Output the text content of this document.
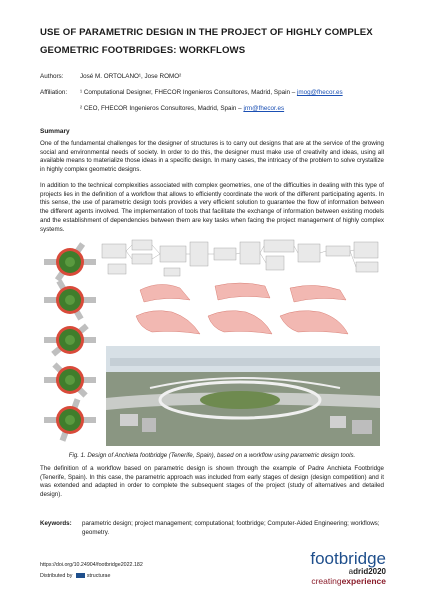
USE OF PARAMETRIC DESIGN IN THE PROJECT OF HIGHLY COMPLEX GEOMETRIC FOOTBRIDGES: WORKFLOWS
Authors:	José M. ORTOLANO¹, Jose ROMO²
Affiliation: ¹ Computational Designer, FHECOR Ingenieros Consultores, Madrid, Spain – jmog@fhecor.es
² CEO, FHECOR Ingenieros Consultores, Madrid, Spain – jrm@fhecor.es
Summary

One of the fundamental challenges for the designer of structures is to carry out designs that are at the service of the growing social and environmental needs of society. In order to do this, the designer must make use of creativity and ideas, using all available means to materialize those ideas in a specific design. In many cases, the intricacy of the problem to solve crystallize in highly complex geometric designs.

In addition to the technical complexities associated with complex geometries, one of the difficulties in dealing with this type of projects lies in the definition of a workflow that allows to efficiently coordinate the work of the different participating agents. In this sense, the use of parametric design tools provides a very efficient solution to guarantee the flow of information between the different agents involved. The implementation of tools that facilitate the exchange of information between existing models and the establishment of dependencies between them are key tasks when facing the project management of highly complex systems.

Fig. 1. Design of Anchieta footbridge (Tenerife, Spain), based on a workflow using parametric design tools.

The definition of a workflow based on parametric design is shown through the example of Padre Anchieta Footbridge (Tenerife, Spain). In this case, the parametric approach was included from early stages of design (design competition) and it was extended and adapted in order to complete the subsequent stages of the project (study of alternatives and detailed design).

Keywords:	parametric design; project management; computational; footbridge; Computer-Aided Engineering; workflows; geometry.
https://doi.org/10.24904/footbridge2022.182
Distributed by	structurae
footbridge
adrid2020
creatingexperience
